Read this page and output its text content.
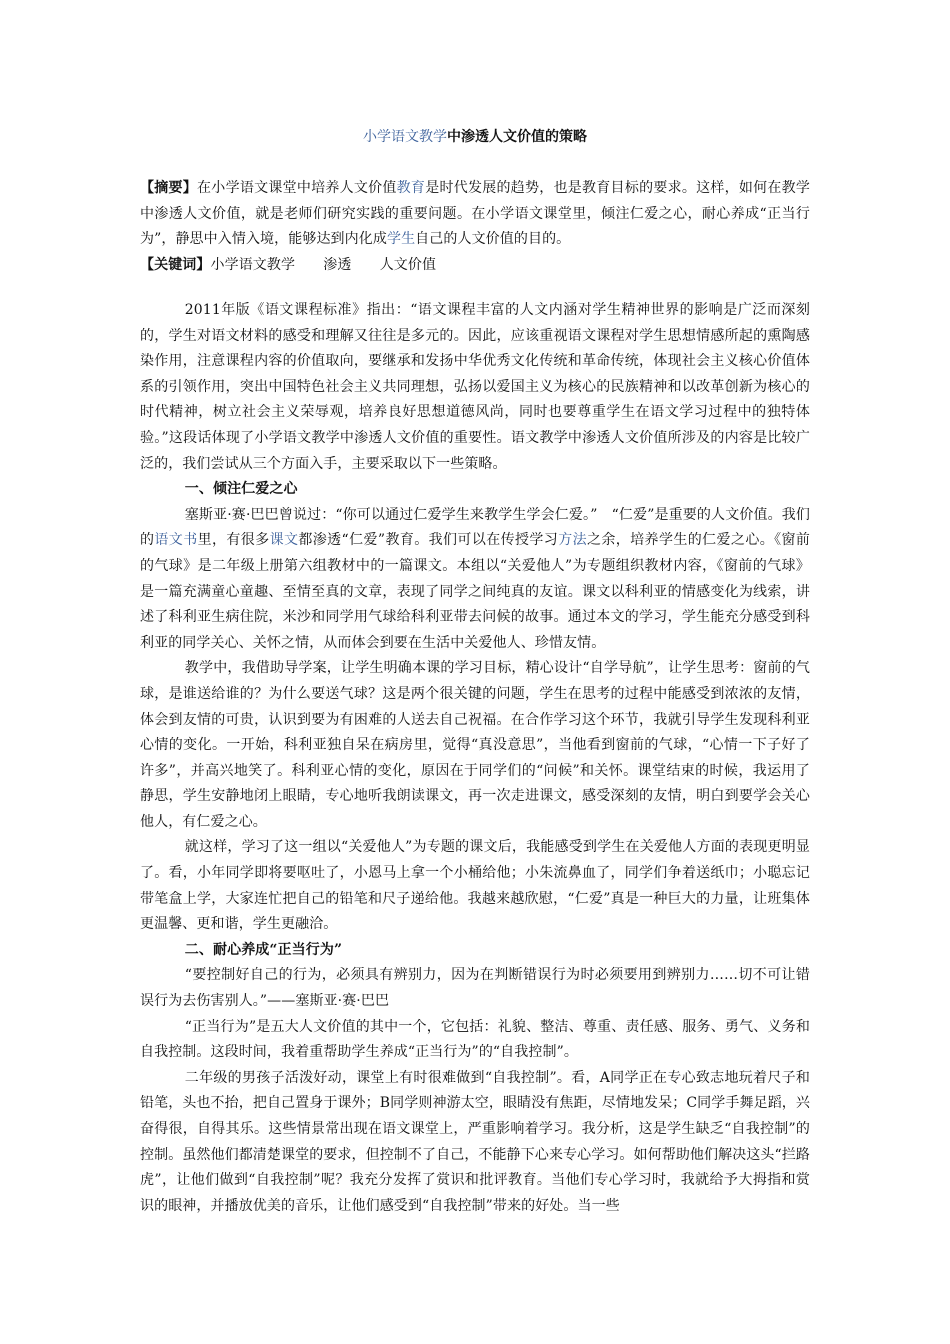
小学语文教学中渗透人文价值的策略

【摘要】在小学语文课堂中培养人文价值教育是时代发展的趋势，也是教育目标的要求。这样，如何在教学中渗透人文价值，就是老师们研究实践的重要问题。在小学语文课堂里，倾注仁爱之心，耐心养成“正当行为”，静思中入情入境，能够达到内化成学生自己的人文价值的目的。

【关键词】小学语文教学　　渗透　　人文价值

2011年版《语文课程标准》指出：“语文课程丰富的人文内涵对学生精神世界的影响是广泛而深刻的，学生对语文材料的感受和理解又往往是多元的。因此，应该重视语文课程对学生思想情感所起的熏陶感染作用，注意课程内容的价值取向，要继承和发扬中华优秀文化传统和革命传统，体现社会主义核心价值体系的引领作用，突出中国特色社会主义共同理想，弘扬以爱国主义为核心的民族精神和以改革创新为核心的时代精神，树立社会主义荣辱观，培养良好思想道德风尚，同时也要尊重学生在语文学习过程中的独特体验。”这段话体现了小学语文教学中渗透人文价值的重要性。语文教学中渗透人文价值所涉及的内容是比较广泛的，我们尝试从三个方面入手，主要采取以下一些策略。

一、倾注仁爱之心

塞斯亚·赛·巴巴曾说过：“你可以通过仁爱学生来教学生学会仁爱。”　“仁爱”是重要的人文价值。我们的语文书里，有很多课文都渗透“仁爱”教育。我们可以在传授学习方法之余，培养学生的仁爱之心。《窗前的气球》是二年级上册第六组教材中的一篇课文。本组以“关爱他人”为专题组织教材内容，《窗前的气球》是一篇充满童心童趣、至情至真的文章，表现了同学之间纯真的友谊。课文以科利亚的情感变化为线索，讲述了科利亚生病住院，米沙和同学用气球给科利亚带去问候的故事。通过本文的学习，学生能充分感受到科利亚的同学关心、关怀之情，从而体会到要在生活中关爱他人、珍惜友情。

教学中，我借助导学案，让学生明确本课的学习目标，精心设计“自学导航”，让学生思考：窗前的气球，是谁送给谁的？为什么要送气球？这是两个很关键的问题，学生在思考的过程中能感受到浓浓的友情，体会到友情的可贵，认识到要为有困难的人送去自己祝福。在合作学习这个环节，我就引导学生发现科利亚心情的变化。一开始，科利亚独自呆在病房里，觉得“真没意思”，当他看到窗前的气球，“心情一下子好了许多”，并高兴地笑了。科利亚心情的变化，原因在于同学们的“问候”和关怀。课堂结束的时候，我运用了静思，学生安静地闭上眼睛，专心地听我朗读课文，再一次走进课文，感受深刻的友情，明白到要学会关心他人，有仁爱之心。

就这样，学习了这一组以“关爱他人”为专题的课文后，我能感受到学生在关爱他人方面的表现更明显了。看，小年同学即将要呕吐了，小恩马上拿一个小桶给他；小朱流鼻血了，同学们争着送纸巾；小聪忘记带笔盒上学，大家连忙把自己的铅笔和尺子递给他。我越来越欣慰，“仁爱”真是一种巨大的力量，让班集体更温馨、更和谐，学生更融洽。

二、耐心养成“正当行为”

“要控制好自己的行为，必须具有辨别力，因为在判断错误行为时必须要用到辨别力……切不可让错误行为去伤害别人。”——塞斯亚·赛·巴巴

“正当行为”是五大人文价值的其中一个，它包括：礼貌、整洁、尊重、责任感、服务、勇气、义务和自我控制。这段时间，我着重帮助学生养成“正当行为”的“自我控制”。

二年级的男孩子活泼好动，课堂上有时很难做到“自我控制”。看，A同学正在专心致志地玩着尺子和铅笔，头也不抬，把自己置身于课外；B同学则神游太空，眼睛没有焦距，尽情地发呆；C同学手舞足蹈，兴奋得很，自得其乐。这些情景常出现在语文课堂上，严重影响着学习。我分析，这是学生缺乏“自我控制”的控制。虽然他们都清楚课堂的要求，但控制不了自己，不能静下心来专心学习。如何帮助他们解决这头“拦路虎”，让他们做到“自我控制”呢？我充分发挥了赏识和批评教育。当他们专心学习时，我就给予大拇指和赏识的眼神，并播放优美的音乐，让他们感受到“自我控制”带来的好处。当一些
